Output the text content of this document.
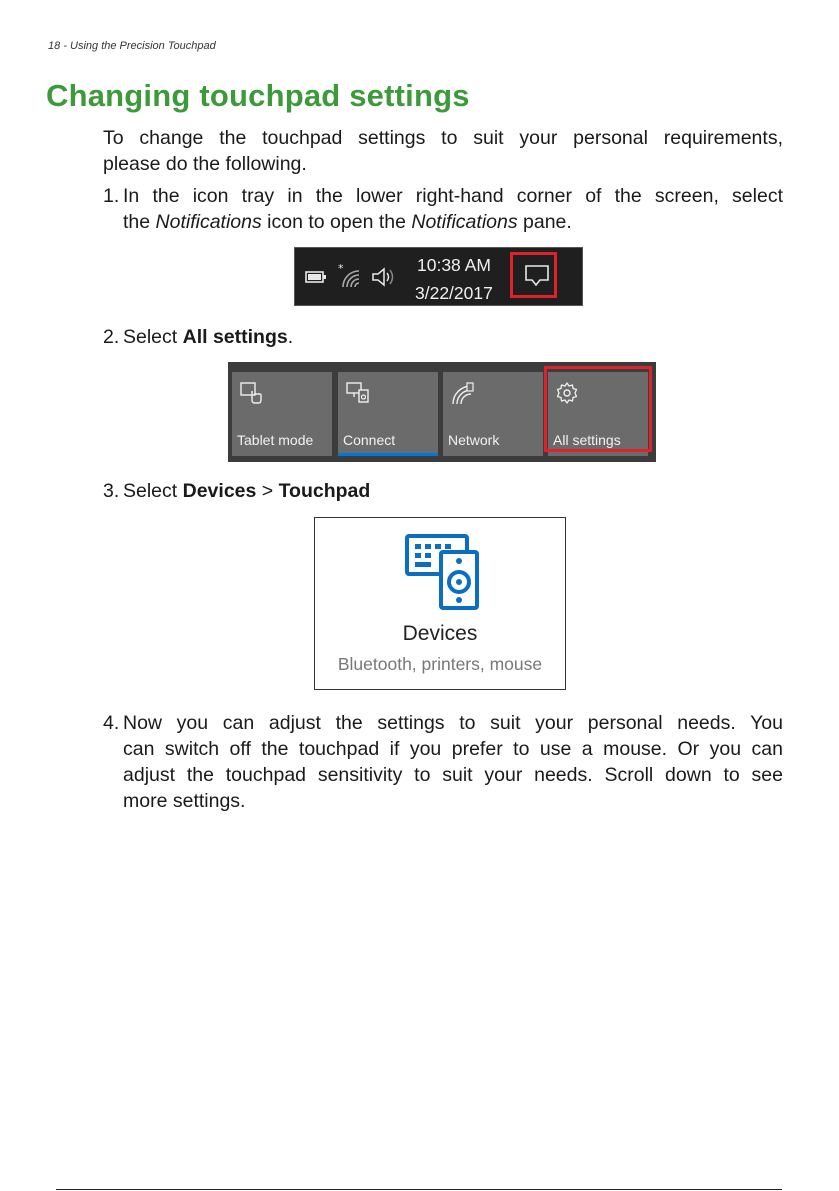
18 - Using the Precision Touchpad
Changing touchpad settings
To change the touchpad settings to suit your personal requirements,
please do the following.
1. In the icon tray in the lower right-hand corner of the screen, select
the Notifications icon to open the Notifications pane.
*	10:38 AM
3/22/2017
2. Select All settings.
Tablet mode Connect	Network	All settings
3. Select Devices > Touchpad
Devices
Bluetooth, printers, mouse
4. Now you can adjust the settings to suit your personal needs. You
can switch off the touchpad if you prefer to use a mouse. Or you can
adjust the touchpad sensitivity to suit your needs. Scroll down to see
more settings.
